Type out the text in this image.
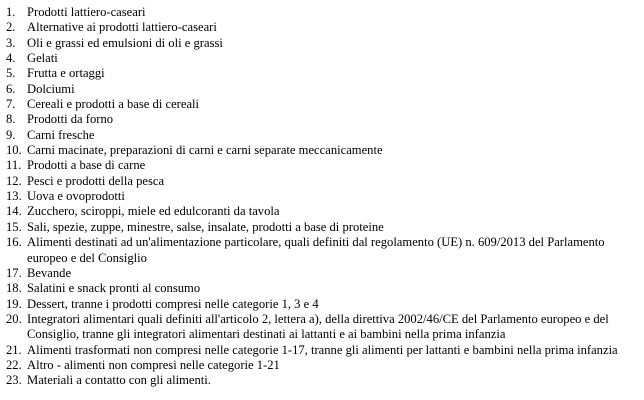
1. Prodotti lattiero-caseari
2. Alternative ai prodotti lattiero-caseari
3. Oli e grassi ed emulsioni di oli e grassi
4. Gelati
5. Frutta e ortaggi
6. Dolciumi
7. Cereali e prodotti a base di cereali
8. Prodotti da forno
9. Carni fresche
10. Carni macinate, preparazioni di carni e carni separate meccanicamente
11. Prodotti a base di carne
12. Pesci e prodotti della pesca
13. Uova e ovoprodotti
14. Zucchero, sciroppi, miele ed edulcoranti da tavola
15. Sali, spezie, zuppe, minestre, salse, insalate, prodotti a base di proteine
16. Alimenti destinati ad un'alimentazione particolare, quali definiti dal regolamento (UE) n. 609/2013 del Parlamento europeo e del Consiglio
17. Bevande
18. Salatini e snack pronti al consumo
19. Dessert, tranne i prodotti compresi nelle categorie 1, 3 e 4
20. Integratori alimentari quali definiti all'articolo 2, lettera a), della direttiva 2002/46/CE del Parlamento europeo e del Consiglio, tranne gli integratori alimentari destinati ai lattanti e ai bambini nella prima infanzia
21. Alimenti trasformati non compresi nelle categorie 1-17, tranne gli alimenti per lattanti e bambini nella prima infanzia
22. Altro - alimenti non compresi nelle categorie 1-21
23. Materiali a contatto con gli alimenti.
